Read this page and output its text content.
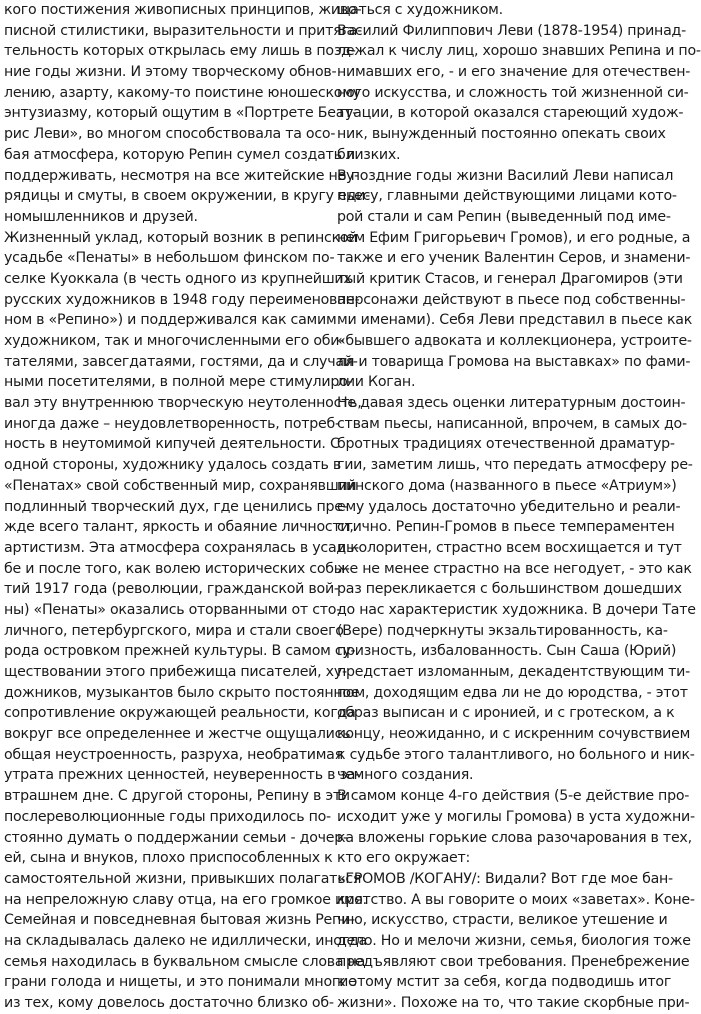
кого постижения живописных принципов, живо-
писной стилистики, выразительности и притяга-
тельность которых открылась ему лишь в позд-
ние годы жизни. И этому творческому обнов-
лению, азарту, какому-то поистине юношескому
энтузиазму, который ощутим в «Портрете Беат-
рис Леви», во многом способствовала та осо-
бая атмосфера, которую Репин сумел создать и
поддерживать, несмотря на все житейские неу-
рядицы и смуты, в своем окружении, в кругу еди-
номышленников и друзей.
Жизненный уклад, который возник в репинской
усадьбе «Пенаты» в небольшом финском по-
селке Куоккала (в честь одного из крупнейших
русских художников в 1948 году переименован-
ном в «Репино») и поддерживался как самим
художником, так и многочисленными его оби-
тателями, завсегдатаями, гостями, да и случай-
ными посетителями, в полной мере стимулиро-
вал эту внутреннюю творческую неутоленность,
иногда даже – неудовлетворенность, потреб-
ность в неутомимой кипучей деятельности. С
одной стороны, художнику удалось создать в
«Пенатах» свой собственный мир, сохранявший
подлинный творческий дух, где ценились пре-
жде всего талант, яркость и обаяние личности,
артистизм. Эта атмосфера сохранялась в усадь-
бе и после того, как волею исторических собы-
тий 1917 года (революции, гражданской вой-
ны) «Пенаты» оказались оторванными от сто-
личного, петербургского, мира и стали своего
рода островком прежней культуры. В самом су-
ществовании этого прибежища писателей, ху-
дожников, музыкантов было скрыто постоянное
сопротивление окружающей реальности, когда
вокруг все определеннее и жестче ощущались
общая неустроенность, разруха, необратимая
утрата прежних ценностей, неуверенность в за-
втрашнем дне. С другой стороны, Репину в эти
послереволюционные годы приходилось по-
стоянно думать о поддержании семьи - дочер-
ей, сына и внуков, плохо приспособленных к
самостоятельной жизни, привыкших полагаться
на непреложную славу отца, на его громкое имя.
Семейная и повседневная бытовая жизнь Репи-
на складывалась далеко не идиллически, иногда
семья находилась в буквальном смысле слова на
грани голода и нищеты, и это понимали многие
из тех, кому довелось достаточно близко об-
щаться с художником.
Василий Филиппович Леви (1878-1954) принад-
лежал к числу лиц, хорошо знавших Репина и по-
нимавших его, - и его значение для отечествен-
ного искусства, и сложность той жизненной си-
туации, в которой оказался стареющий худож-
ник, вынужденный постоянно опекать своих
близких.
В поздние годы жизни Василий Леви написал
пьесу, главными действующими лицами кото-
рой стали и сам Репин (выведенный под име-
нем Ефим Григорьевич Громов), и его родные, а
также и его ученик Валентин Серов, и знамени-
тый критик Стасов, и генерал Драгомиров (эти
персонажи действуют в пьесе под собственны-
ми именами). Себя Леви представил в пьесе как
«бывшего адвоката и коллекционера, устроите-
ля и товарища Громова на выставках» по фами-
лии Коган.
Не давая здесь оценки литературным достоин-
ствам пьесы, написанной, впрочем, в самых до-
бротных традициях отечественной драматур-
гии, заметим лишь, что передать атмосферу ре-
пинского дома (названного в пьесе «Атриум»)
ему удалось достаточно убедительно и реали-
стично. Репин-Громов в пьесе темпераментен
и колоритен, страстно всем восхищается и тут
же не менее страстно на все негодует, - это как
раз перекликается с большинством дошедших
до нас характеристик художника. В дочери Тате
(Вере) подчеркнуты экзальтированность, ка-
призность, избалованность. Сын Саша (Юрий)
предстает изломанным, декадентствующим ти-
пом, доходящим едва ли не до юродства, - этот
образ выписан и с иронией, и с гротеском, а к
концу, неожиданно, и с искренним сочувствием
к судьбе этого талантливого, но больного и ник-
чемного создания.
В самом конце 4-го действия (5-е действие про-
исходит уже у могилы Громова) в уста художни-
ка вложены горькие слова разочарования в тех,
кто его окружает:
«ГРОМОВ /КОГАНУ/: Видали? Вот где мое бан-
кротство. А вы говорите о моих «заветах». Коне-
чно, искусство, страсти, великое утешение и
дело. Но и мелочи жизни, семья, биология тоже
предъявляют свои требования. Пренебрежение
к этому мстит за себя, когда подводишь итог
жизни». Похоже на то, что такие скорбные при-
